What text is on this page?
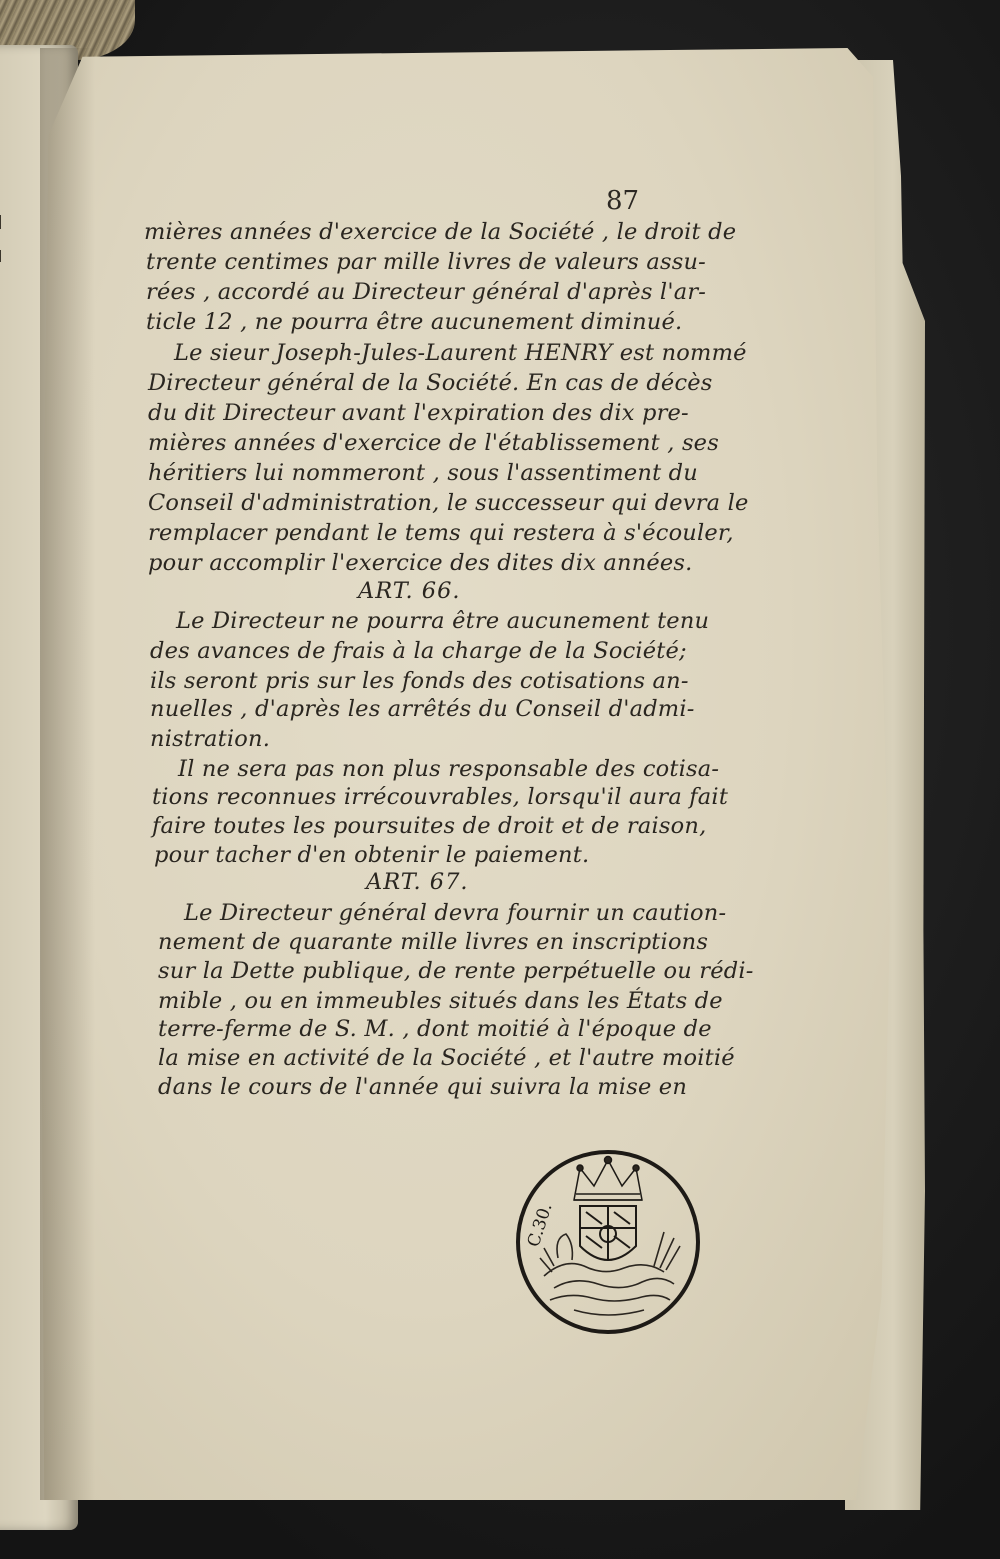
87

mières années d'exercice de la Société , le droit de

trente centimes par mille livres de valeurs assu-

rées , accordé au Directeur général d'après l'ar-

ticle 12 , ne pourra être aucunement diminué.

Le sieur Joseph-Jules-Laurent HENRY est nommé

Directeur général de la Société. En cas de décès

du dit Directeur avant l'expiration des dix pre-

mières années d'exercice de l'établissement , ses

héritiers lui nommeront , sous l'assentiment du

Conseil d'administration, le successeur qui devra le

remplacer pendant le tems qui restera à s'écouler,

pour accomplir l'exercice des dites dix années.

ART. 66.

Le Directeur ne pourra être aucunement tenu

des avances de frais à la charge de la Société;

ils seront pris sur les fonds des cotisations an-

nuelles , d'après les arrêtés du Conseil d'admi-

nistration.

Il ne sera pas non plus responsable des cotisa-

tions reconnues irrécouvrables, lorsqu'il aura fait

faire toutes les poursuites de droit et de raison,

pour tacher d'en obtenir le paiement.

ART. 67.

Le Directeur général devra fournir un caution-

nement de quarante mille livres en inscriptions

sur la Dette publique, de rente perpétuelle ou rédi-

mible , ou en immeubles situés dans les États de

terre-ferme de S. M. , dont moitié à l'époque de

la mise en activité de la Société , et l'autre moitié

dans le cours de l'année qui suivra la mise en

C.30.
